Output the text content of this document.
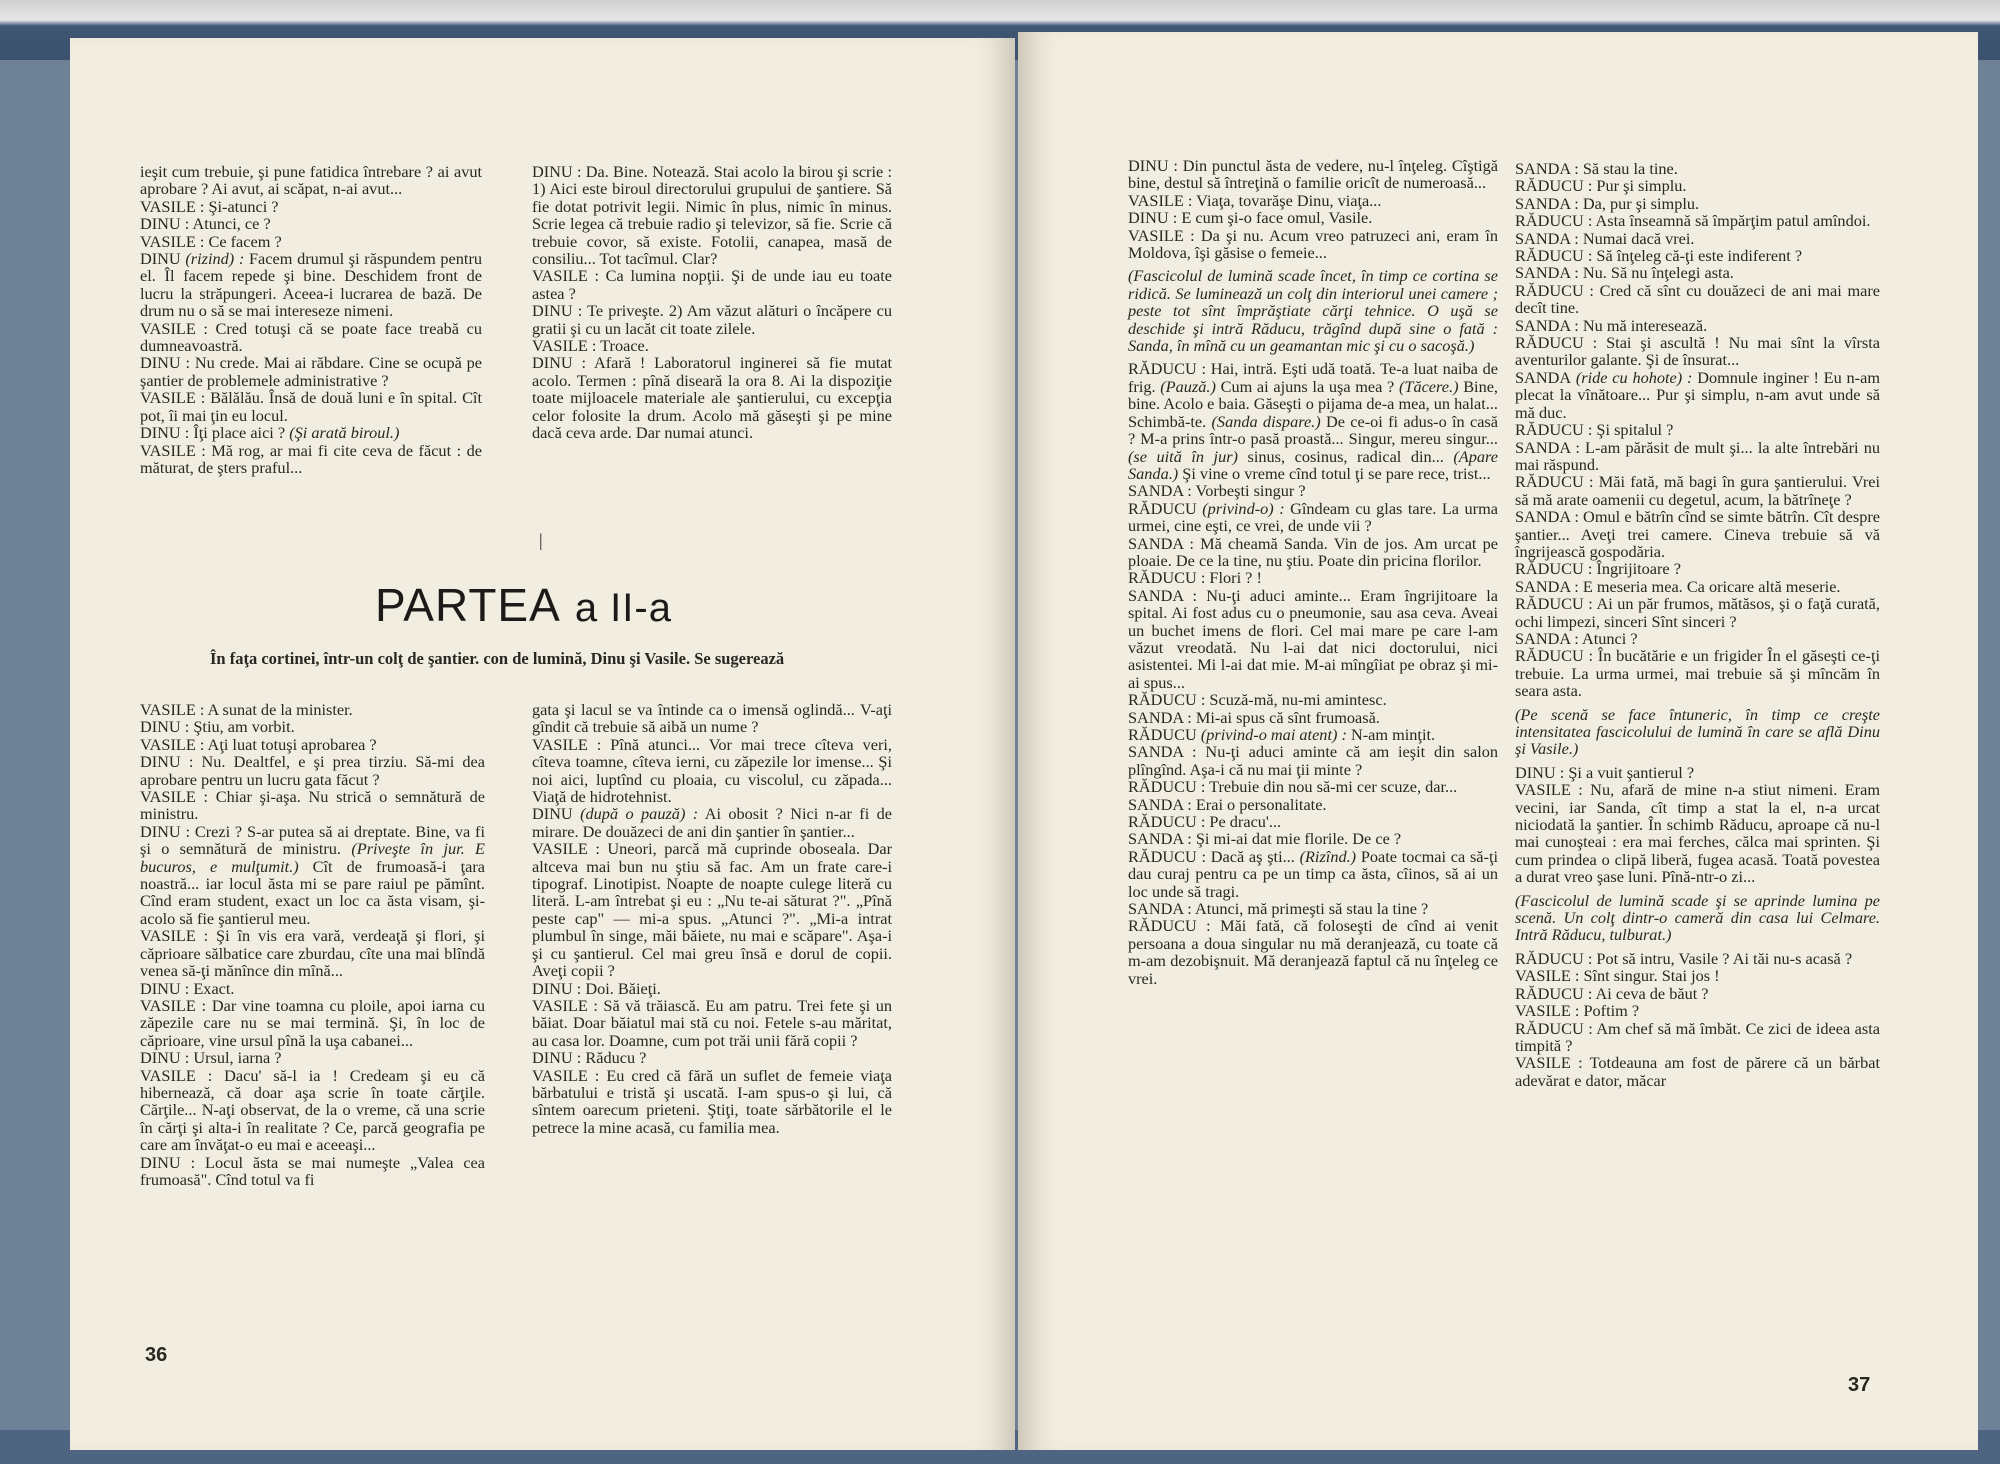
ieşit cum trebuie, şi pune fatidica întrebare ? ai avut aprobare ? Ai avut, ai scăpat, n-ai avut...

VASILE : Şi-atunci ?

DINU : Atunci, ce ?

VASILE : Ce facem ?

DINU (rizind) : Facem drumul şi răspundem pentru el. Îl facem repede şi bine. Deschidem front de lucru la străpungeri. Aceea-i lucrarea de bază. De drum nu o să se mai intereseze nimeni.

VASILE : Cred totuşi că se poate face treabă cu dumneavoastră.

DINU : Nu crede. Mai ai răbdare. Cine se ocupă pe şantier de problemele administrative ?

VASILE : Bălălău. Însă de două luni e în spital. Cît pot, îi mai ţin eu locul.

DINU : Îţi place aici ? (Şi arată biroul.)

VASILE : Mă rog, ar mai fi cite ceva de făcut : de măturat, de şters praful...

DINU : Da. Bine. Notează. Stai acolo la birou şi scrie : 1) Aici este biroul directorului grupului de şantiere. Să fie dotat potrivit legii. Nimic în plus, nimic în minus. Scrie legea că trebuie radio şi televizor, să fie. Scrie că trebuie covor, să existe. Fotolii, canapea, masă de consiliu... Tot tacîmul. Clar?

VASILE : Ca lumina nopţii. Şi de unde iau eu toate astea ?

DINU : Te priveşte. 2) Am văzut alături o încăpere cu gratii şi cu un lacăt cit toate zilele.

VASILE : Troace.

DINU : Afară ! Laboratorul inginerei să fie mutat acolo. Termen : pînă diseară la ora 8. Ai la dispoziţie toate mijloacele materiale ale şantierului, cu excepţia celor folosite la drum. Acolo mă găseşti şi pe mine dacă ceva arde. Dar numai atunci.

|
PARTEA a II-a
În faţa cortinei, într-un colţ de şantier. con de lumină, Dinu şi Vasile. Se sugerează

VASILE : A sunat de la minister.

DINU : Ştiu, am vorbit.

VASILE : Aţi luat totuşi aprobarea ?

DINU : Nu. Dealtfel, e şi prea tirziu. Să-mi dea aprobare pentru un lucru gata făcut ?

VASILE : Chiar şi-aşa. Nu strică o semnătură de ministru.

DINU : Crezi ? S-ar putea să ai dreptate. Bine, va fi şi o semnătură de ministru. (Priveşte în jur. E bucuros, e mulţumit.) Cît de frumoasă-i ţara noastră... iar locul ăsta mi se pare raiul pe pămînt. Cînd eram student, exact un loc ca ăsta visam, şi-acolo să fie şantierul meu.

VASILE : Şi în vis era vară, verdeaţă şi flori, şi căprioare sălbatice care zburdau, cîte una mai blîndă venea să-ţi mănînce din mînă...

DINU : Exact.

VASILE : Dar vine toamna cu ploile, apoi iarna cu zăpezile care nu se mai termină. Şi, în loc de căprioare, vine ursul pînă la uşa cabanei...

DINU : Ursul, iarna ?

VASILE : Dacu' să-l ia ! Credeam şi eu că hibernează, că doar aşa scrie în toate cărţile. Cărţile... N-aţi observat, de la o vreme, că una scrie în cărţi şi alta-i în realitate ? Ce, parcă geografia pe care am învăţat-o eu mai e aceeaşi...

DINU : Locul ăsta se mai numeşte „Valea cea frumoasă". Cînd totul va fi

gata şi lacul se va întinde ca o imensă oglindă... V-aţi gîndit că trebuie să aibă un nume ?

VASILE : Pînă atunci... Vor mai trece cîteva veri, cîteva toamne, cîteva ierni, cu zăpezile lor imense... Şi noi aici, luptînd cu ploaia, cu viscolul, cu zăpada... Viaţă de hidrotehnist.

DINU (după o pauză) : Ai obosit ? Nici n-ar fi de mirare. De douăzeci de ani din şantier în şantier...

VASILE : Uneori, parcă mă cuprinde oboseala. Dar altceva mai bun nu ştiu să fac. Am un frate care-i tipograf. Linotipist. Noapte de noapte culege literă cu literă. L-am întrebat şi eu : „Nu te-ai săturat ?". „Pînă peste cap" — mi-a spus. „Atunci ?". „Mi-a intrat plumbul în singe, măi băiete, nu mai e scăpare". Aşa-i şi cu şantierul. Cel mai greu însă e dorul de copii. Aveţi copii ?

DINU : Doi. Băieţi.

VASILE : Să vă trăiască. Eu am patru. Trei fete şi un băiat. Doar băiatul mai stă cu noi. Fetele s-au măritat, au casa lor. Doamne, cum pot trăi unii fără copii ?

DINU : Răducu ?

VASILE : Eu cred că fără un suflet de femeie viaţa bărbatului e tristă şi uscată. I-am spus-o şi lui, că sîntem oarecum prieteni. Ştiţi, toate sărbătorile el le petrece la mine acasă, cu familia mea.

36

DINU : Din punctul ăsta de vedere, nu-l înţeleg. Cîştigă bine, destul să întreţină o familie oricît de numeroasă...

VASILE : Viaţa, tovarăşe Dinu, viaţa...

DINU : E cum şi-o face omul, Vasile.

VASILE : Da şi nu. Acum vreo patruzeci ani, eram în Moldova, îşi găsise o femeie...

(Fascicolul de lumină scade încet, în timp ce cortina se ridică. Se luminează un colţ din interiorul unei camere ; peste tot sînt împrăştiate cărţi tehnice. O uşă se deschide şi intră Răducu, trăgînd după sine o fată : Sanda, în mînă cu un geamantan mic şi cu o sacoşă.)

RĂDUCU : Hai, intră. Eşti udă toată. Te-a luat naiba de frig. (Pauză.) Cum ai ajuns la uşa mea ? (Tăcere.) Bine, bine. Acolo e baia. Găseşti o pijama de-a mea, un halat... Schimbă-te. (Sanda dispare.) De ce-oi fi adus-o în casă ? M-a prins într-o pasă proastă... Singur, mereu singur... (se uită în jur) sinus, cosinus, radical din... (Apare Sanda.) Şi vine o vreme cînd totul ţi se pare rece, trist...

SANDA : Vorbeşti singur ?

RĂDUCU (privind-o) : Gîndeam cu glas tare. La urma urmei, cine eşti, ce vrei, de unde vii ?

SANDA : Mă cheamă Sanda. Vin de jos. Am urcat pe ploaie. De ce la tine, nu ştiu. Poate din pricina florilor.

RĂDUCU : Flori ? !

SANDA : Nu-ţi aduci aminte... Eram îngrijitoare la spital. Ai fost adus cu o pneumonie, sau asa ceva. Aveai un buchet imens de flori. Cel mai mare pe care l-am văzut vreodată. Nu l-ai dat nici doctorului, nici asistentei. Mi l-ai dat mie. M-ai mîngîiat pe obraz şi mi-ai spus...

RĂDUCU : Scuză-mă, nu-mi amintesc.

SANDA : Mi-ai spus că sînt frumoasă.

RĂDUCU (privind-o mai atent) : N-am minţit.

SANDA : Nu-ţi aduci aminte că am ieşit din salon plîngînd. Aşa-i că nu mai ţii minte ?

RĂDUCU : Trebuie din nou să-mi cer scuze, dar...

SANDA : Erai o personalitate.

RĂDUCU : Pe dracu'...

SANDA : Şi mi-ai dat mie florile. De ce ?

RĂDUCU : Dacă aş şti... (Rizînd.) Poate tocmai ca să-ţi dau curaj pentru ca pe un timp ca ăsta, cîinos, să ai un loc unde să tragi.

SANDA : Atunci, mă primeşti să stau la tine ?

RĂDUCU : Măi fată, că foloseşti de cînd ai venit persoana a doua singular nu mă deranjează, cu toate că m-am dezobişnuit. Mă deranjează faptul că nu înţeleg ce vrei.

SANDA : Să stau la tine.

RĂDUCU : Pur şi simplu.

SANDA : Da, pur şi simplu.

RĂDUCU : Asta înseamnă să împărţim patul amîndoi.

SANDA : Numai dacă vrei.

RĂDUCU : Să înţeleg că-ţi este indiferent ?

SANDA : Nu. Să nu înţelegi asta.

RĂDUCU : Cred că sînt cu douăzeci de ani mai mare decît tine.

SANDA : Nu mă interesează.

RĂDUCU : Stai şi ascultă ! Nu mai sînt la vîrsta aventurilor galante. Şi de însurat...

SANDA (ride cu hohote) : Domnule inginer ! Eu n-am plecat la vînătoare... Pur şi simplu, n-am avut unde să mă duc.

RĂDUCU : Şi spitalul ?

SANDA : L-am părăsit de mult şi... la alte întrebări nu mai răspund.

RĂDUCU : Măi fată, mă bagi în gura şantierului. Vrei să mă arate oamenii cu degetul, acum, la bătrîneţe ?

SANDA : Omul e bătrîn cînd se simte bătrîn. Cît despre şantier... Aveţi trei camere. Cineva trebuie să vă îngrijească gospodăria.

RĂDUCU : Îngrijitoare ?

SANDA : E meseria mea. Ca oricare altă meserie.

RĂDUCU : Ai un păr frumos, mătăsos, şi o faţă curată, ochi limpezi, sinceri Sînt sinceri ?

SANDA : Atunci ?

RĂDUCU : În bucătărie e un frigider În el găseşti ce-ţi trebuie. La urma urmei, mai trebuie să şi mîncăm în seara asta.

(Pe scenă se face întuneric, în timp ce creşte intensitatea fascicolului de lumină în care se află Dinu şi Vasile.)

DINU : Şi a vuit şantierul ?

VASILE : Nu, afară de mine n-a stiut nimeni. Eram vecini, iar Sanda, cît timp a stat la el, n-a urcat niciodată la şantier. În schimb Răducu, aproape că nu-l mai cunoşteai : era mai ferches, călca mai sprinten. Şi cum prindea o clipă liberă, fugea acasă. Toată povestea a durat vreo şase luni. Pînă-ntr-o zi...

(Fascicolul de lumină scade şi se aprinde lumina pe scenă. Un colţ dintr-o cameră din casa lui Celmare. Intră Răducu, tulburat.)

RĂDUCU : Pot să intru, Vasile ? Ai tăi nu-s acasă ?

VASILE : Sînt singur. Stai jos !

RĂDUCU : Ai ceva de băut ?

VASILE : Poftim ?

RĂDUCU : Am chef să mă îmbăt. Ce zici de ideea asta timpită ?

VASILE : Totdeauna am fost de părere că un bărbat adevărat e dator, măcar

37
